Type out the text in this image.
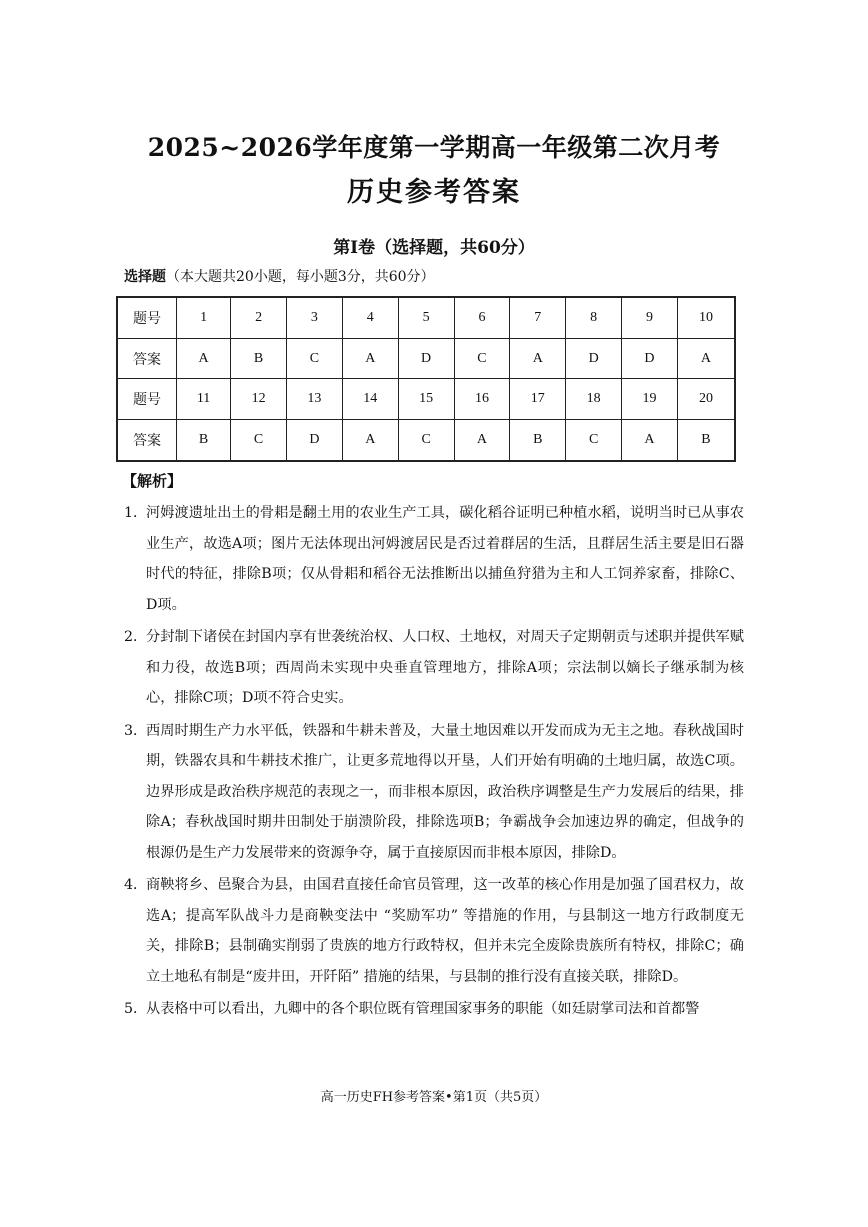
2025~2026学年度第一学期高一年级第二次月考
历史参考答案
第Ⅰ卷（选择题，共60分）
选择题（本大题共20小题，每小题3分，共60分）
题号	1	2	3	4	5	6	7	8	9	10
答案	A	B	C	A	D	C	A	D	D	A
题号	11	12	13	14	15	16	17	18	19	20
答案	B	C	D	A	C	A	B	C	A	B
【解析】
1．
河姆渡遗址出土的骨耜是翻土用的农业生产工具，碳化稻谷证明已种植水稻，说明当时已从事农业生产，故选A项；图片无法体现出河姆渡居民是否过着群居的生活，且群居生活主要是旧石器时代的特征，排除B项；仅从骨耜和稻谷无法推断出以捕鱼狩猎为主和人工饲养家畜，排除C、D项。
2．
分封制下诸侯在封国内享有世袭统治权、人口权、土地权，对周天子定期朝贡与述职并提供军赋和力役，故选B项；西周尚未实现中央垂直管理地方，排除A项；宗法制以嫡长子继承制为核心，排除C项；D项不符合史实。
3．
西周时期生产力水平低，铁器和牛耕未普及，大量土地因难以开发而成为无主之地。春秋战国时期，铁器农具和牛耕技术推广，让更多荒地得以开垦，人们开始有明确的土地归属，故选C项。边界形成是政治秩序规范的表现之一，而非根本原因，政治秩序调整是生产力发展后的结果，排除A；春秋战国时期井田制处于崩溃阶段，排除选项B；争霸战争会加速边界的确定，但战争的根源仍是生产力发展带来的资源争夺，属于直接原因而非根本原因，排除D。
4．
商鞅将乡、邑聚合为县，由国君直接任命官员管理，这一改革的核心作用是加强了国君权力，故选A；提高军队战斗力是商鞅变法中 “奖励军功” 等措施的作用，与县制这一地方行政制度无关，排除B；县制确实削弱了贵族的地方行政特权，但并未完全废除贵族所有特权，排除C；确立土地私有制是“废井田，开阡陌” 措施的结果，与县制的推行没有直接关联，排除D。
5．
从表格中可以看出，九卿中的各个职位既有管理国家事务的职能（如廷尉掌司法和首都警
高一历史FH参考答案•第1页（共5页）
